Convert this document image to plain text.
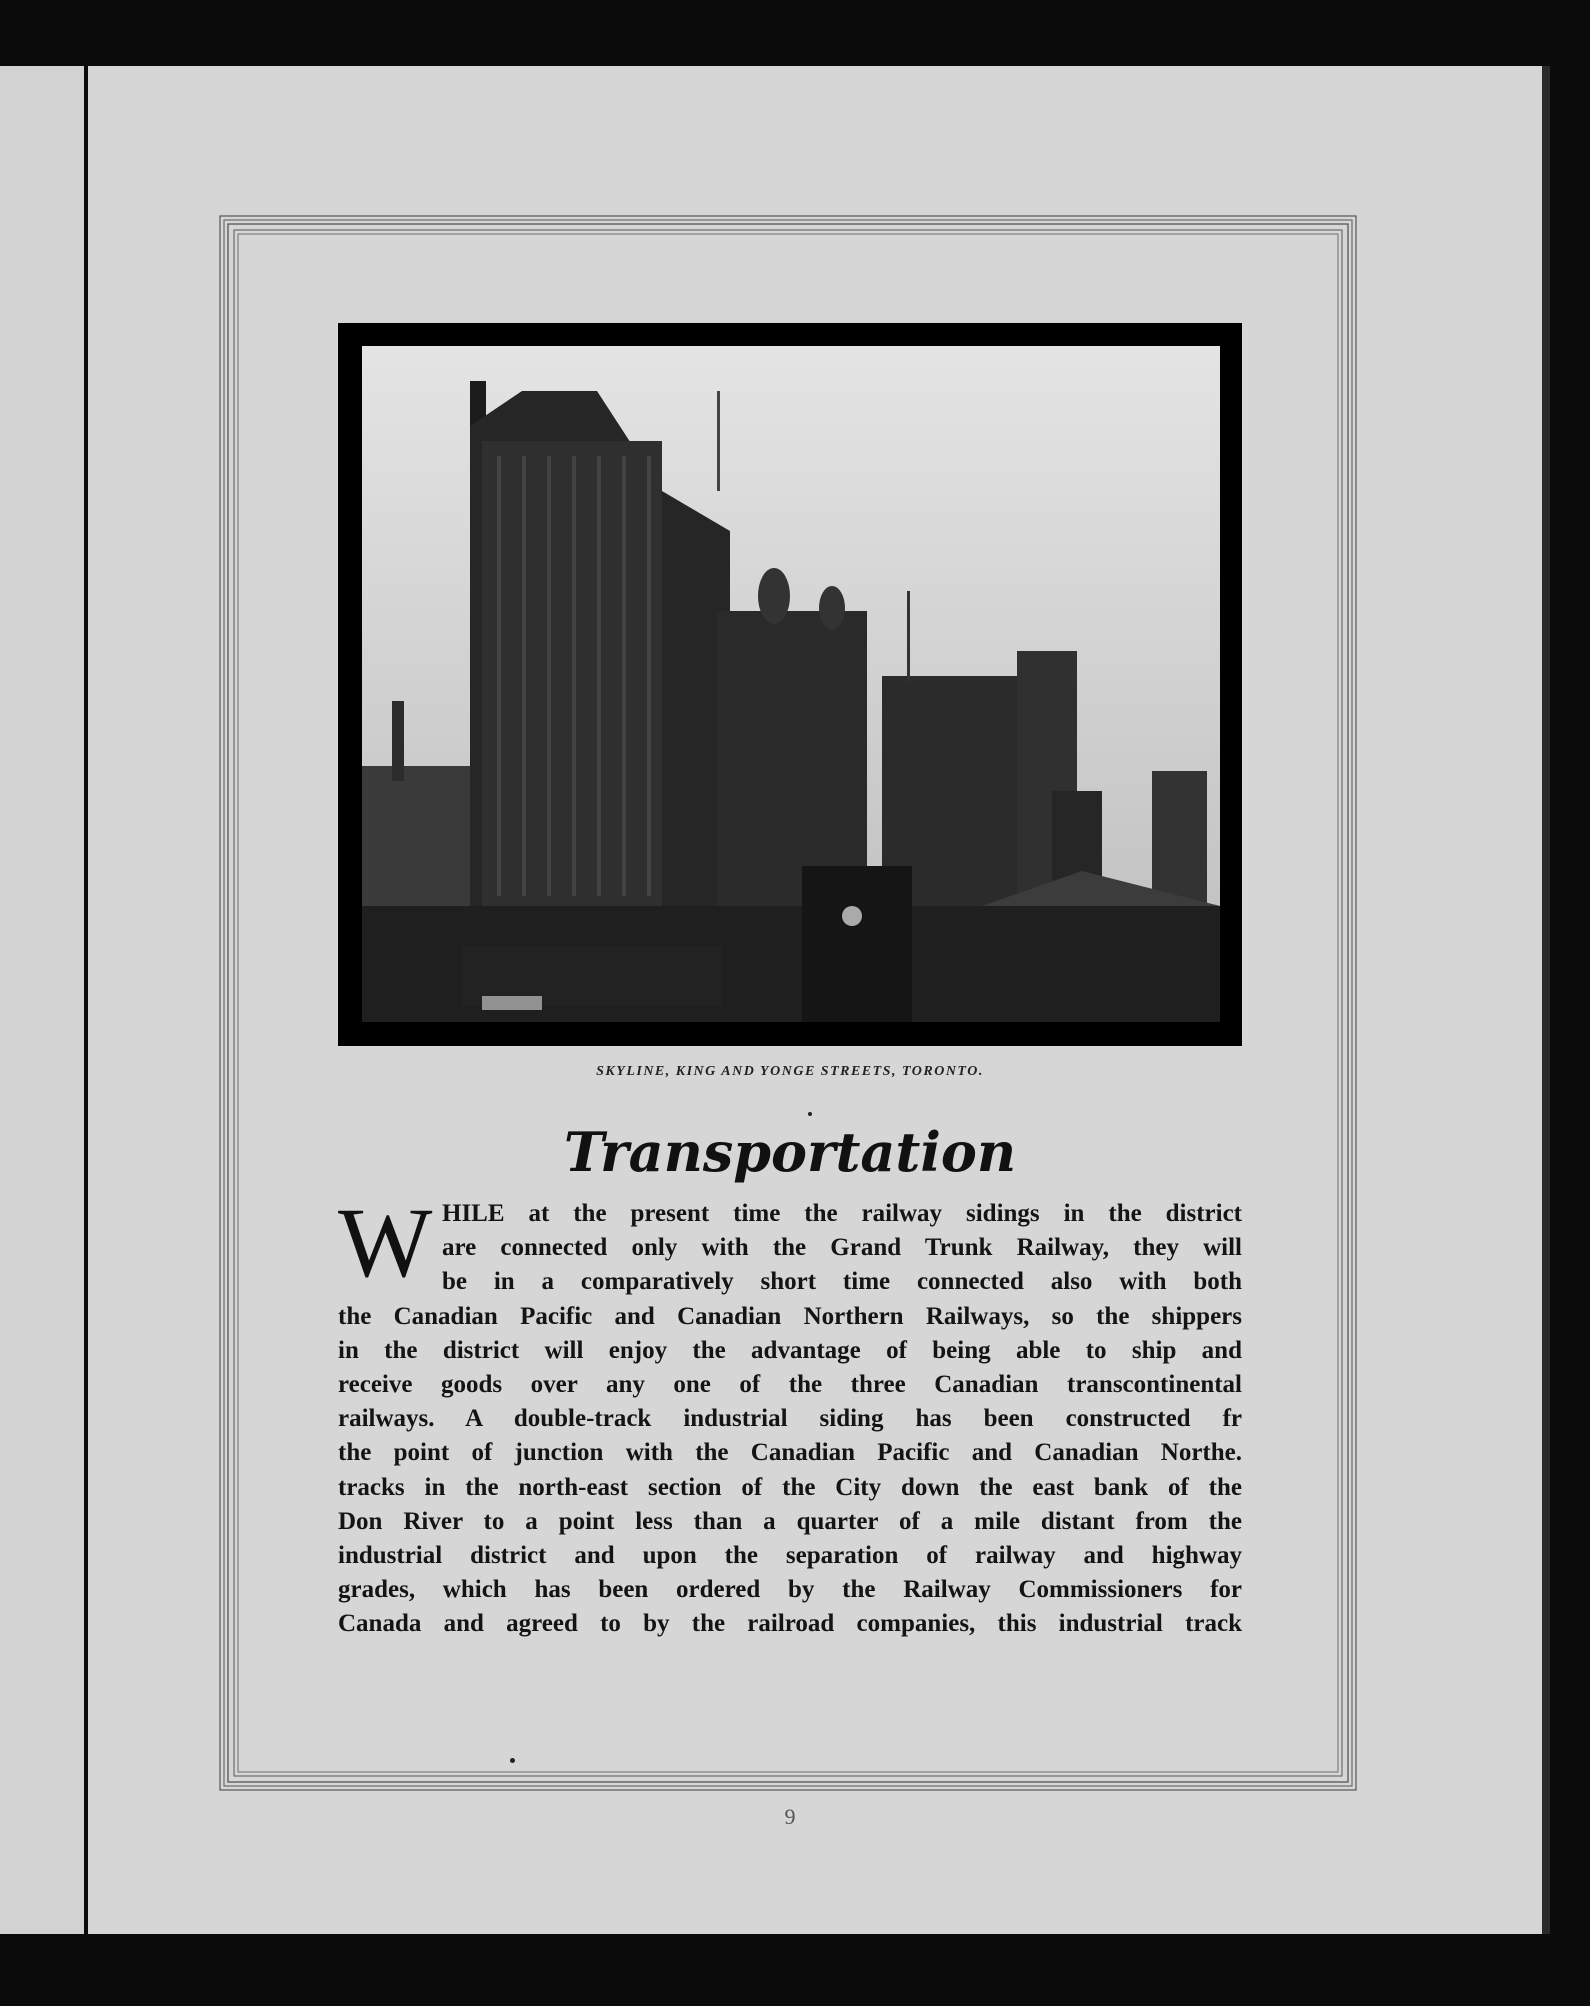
SKYLINE, KING AND YONGE STREETS, TORONTO.
Transportation
W HILE at the present time the railway sidings in the district
are connected only with the Grand Trunk Railway, they will
be in a comparatively short time connected also with both
the Canadian Pacific and Canadian Northern Railways, so the shippers
in the district will enjoy the advantage of being able to ship and
receive goods over any one of the three Canadian transcontinental
railways. A double-track industrial siding has been constructed fr
the point of junction with the Canadian Pacific and Canadian Northe.
tracks in the north-east section of the City down the east bank of the
Don River to a point less than a quarter of a mile distant from the
industrial district and upon the separation of railway and highway
grades, which has been ordered by the Railway Commissioners for
Canada and agreed to by the railroad companies, this industrial track
9
